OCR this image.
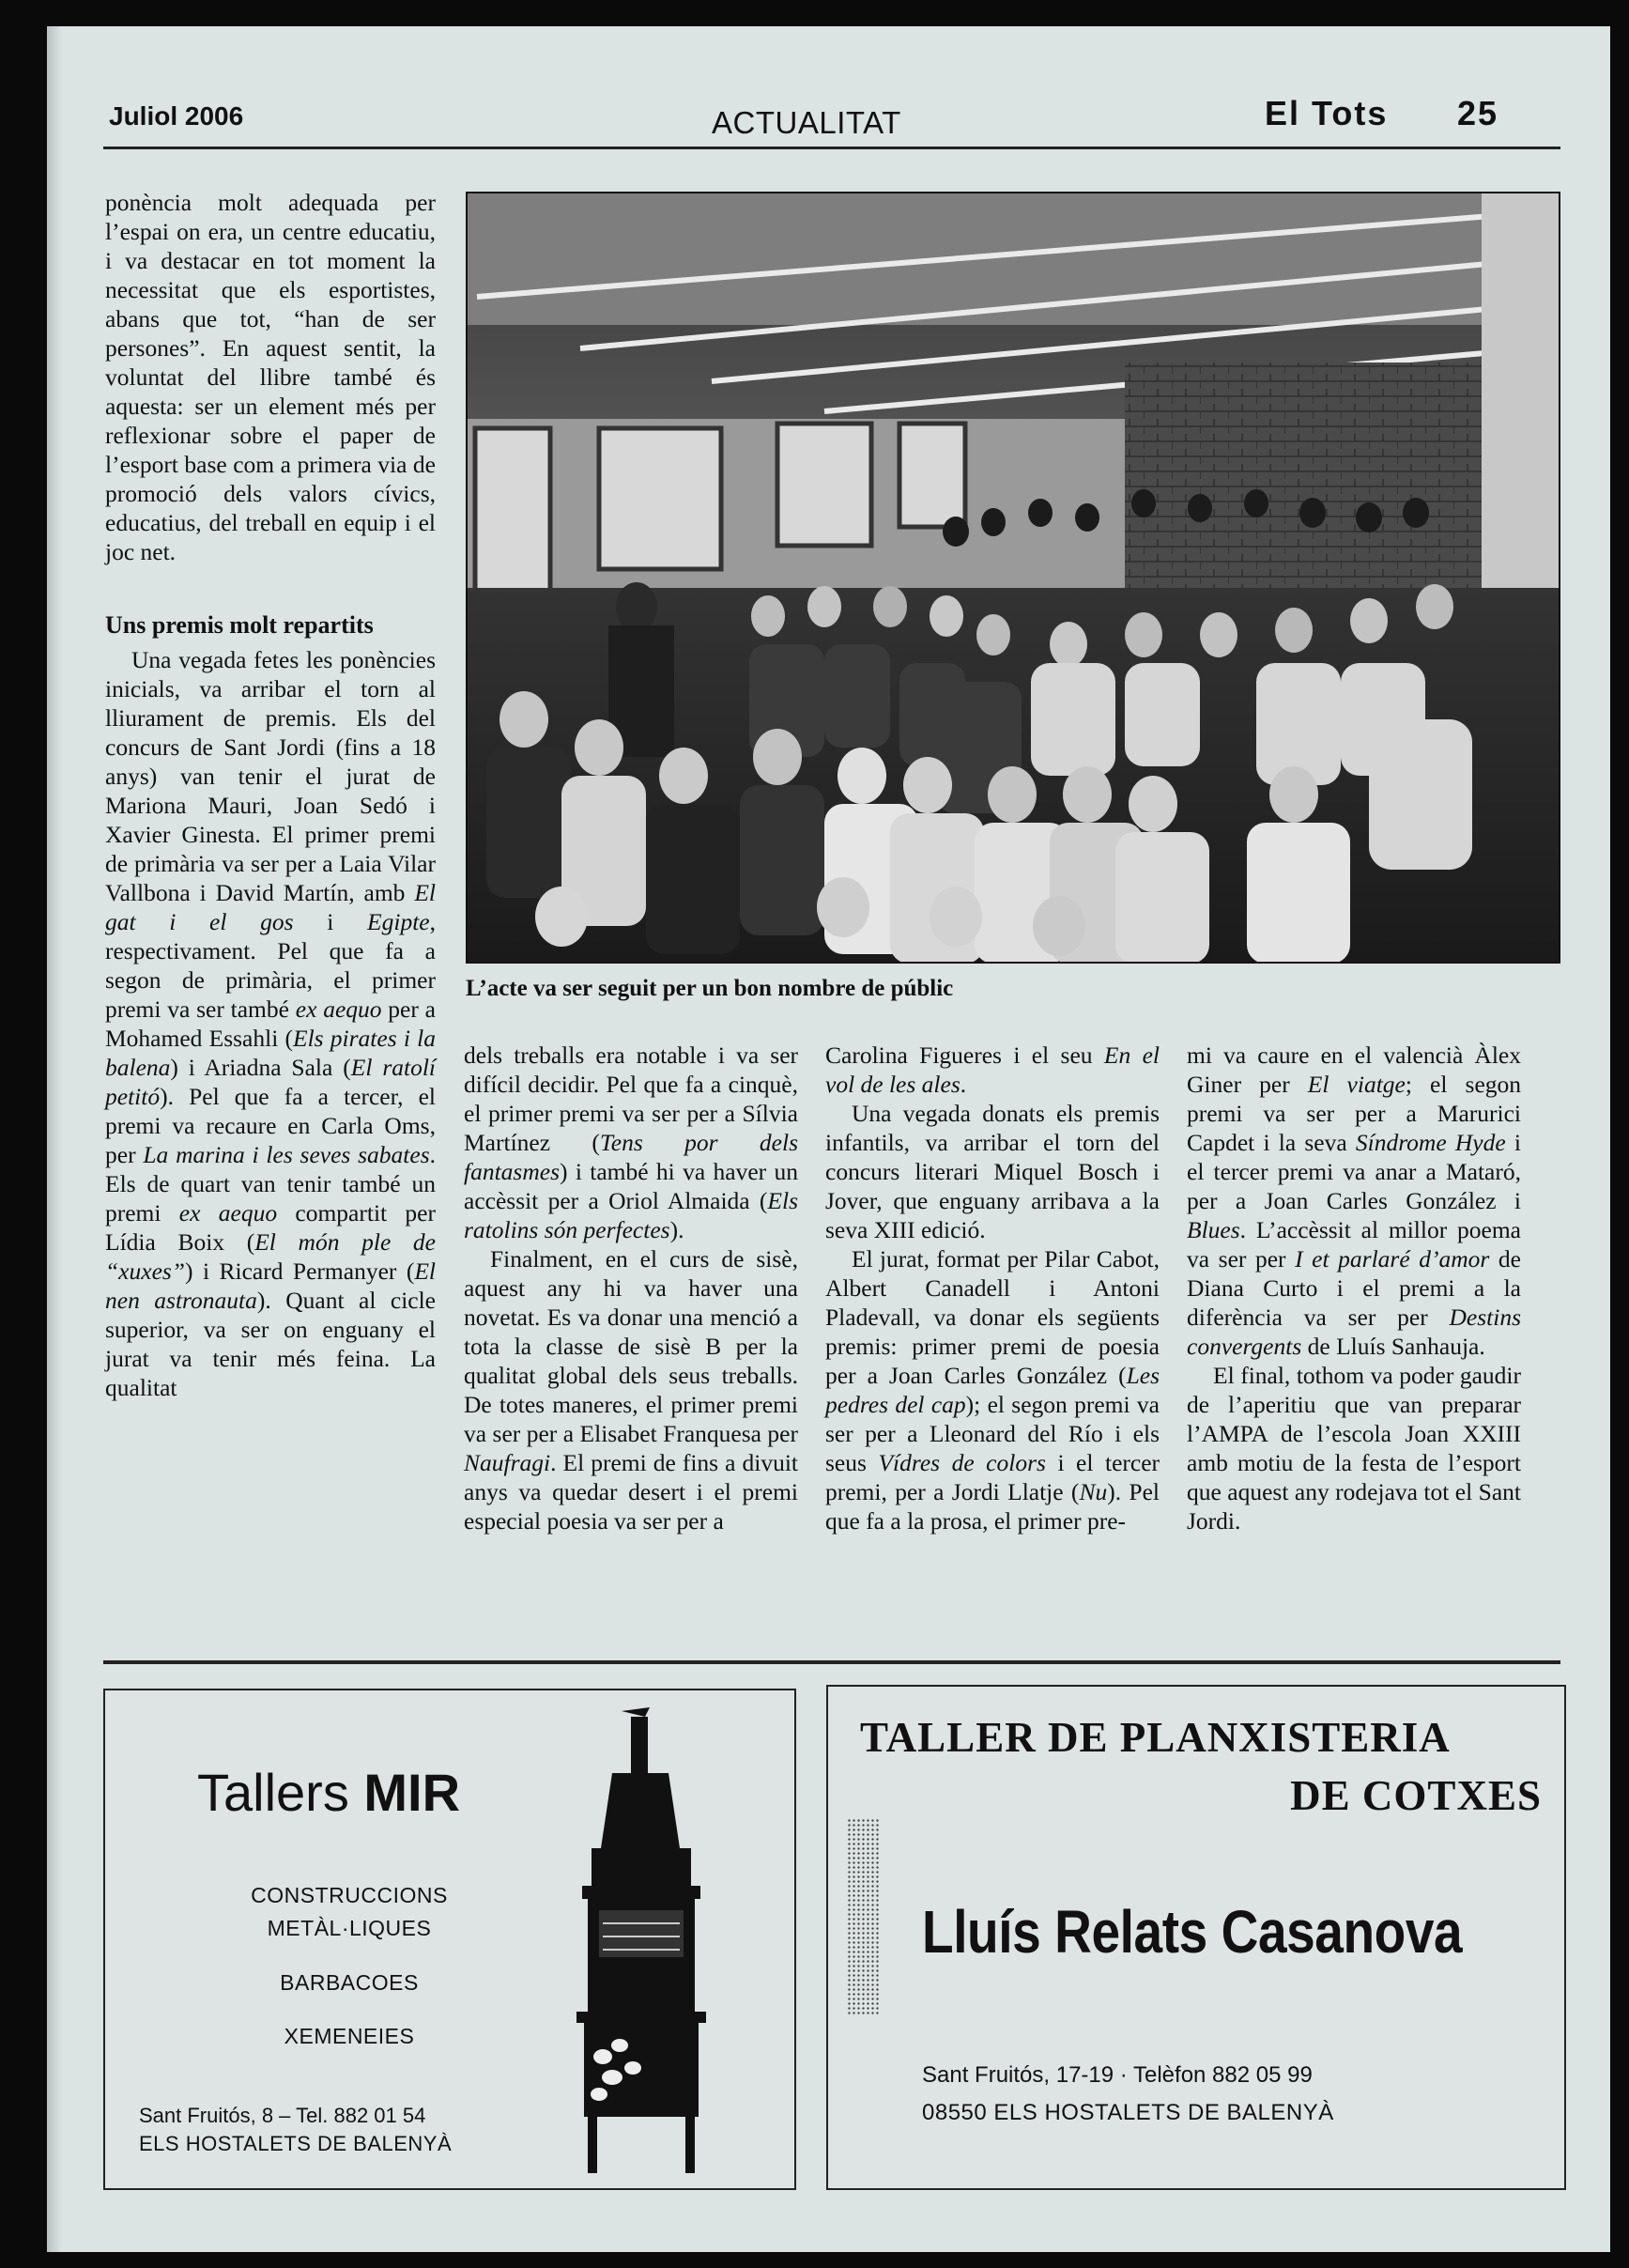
Juliol 2006	ACTUALITAT	El Tots 25

ponència molt adequada per l’espai on era, un centre educatiu, i va destacar en tot moment la necessitat que els esportistes, abans que tot, “han de ser persones”. En aquest sentit, la voluntat del llibre també és aquesta: ser un element més per reflexionar sobre el paper de l’esport base com a primera via de promoció dels valors cívics, educatius, del treball en equip i el joc net.

Uns premis molt repartits

Una vegada fetes les ponències inicials, va arribar el torn al lliurament de premis. Els del concurs de Sant Jordi (fins a 18 anys) van tenir el jurat de Mariona Mauri, Joan Sedó i Xavier Ginesta. El primer premi de primària va ser per a Laia Vilar Vallbona i David Martín, amb El gat i el gos i Egipte, respectivament. Pel que fa a segon de primària, el primer premi va ser també ex aequo per a Mohamed Essahli (Els pirates i la balena) i Ariadna Sala (El ratolí petitó). Pel que fa a tercer, el premi va recaure en Carla Oms, per La marina i les seves sabates. Els de quart van tenir també un premi ex aequo compartit per Lídia Boix (El món ple de “xuxes”) i Ricard Permanyer (El nen astronauta). Quant al cicle superior, va ser on enguany el jurat va tenir més feina. La qualitat

L’acte va ser seguit per un bon nombre de públic

dels treballs era notable i va ser difícil decidir. Pel que fa a cinquè, el primer premi va ser per a Sílvia Martínez (Tens por dels fantasmes) i també hi va haver un accèssit per a Oriol Almaida (Els ratolins són perfectes).

Finalment, en el curs de sisè, aquest any hi va haver una novetat. Es va donar una menció a tota la classe de sisè B per la qualitat global dels seus treballs. De totes maneres, el primer premi va ser per a Elisabet Franquesa per Naufragi. El premi de fins a divuit anys va quedar desert i el premi especial poesia va ser per a

Carolina Figueres i el seu En el vol de les ales.

Una vegada donats els premis infantils, va arribar el torn del concurs literari Miquel Bosch i Jover, que enguany arribava a la seva XIII edició.

El jurat, format per Pilar Cabot, Albert Canadell i Antoni Pladevall, va donar els següents premis: primer premi de poesia per a Joan Carles González (Les pedres del cap); el segon premi va ser per a Lleonard del Río i els seus Vídres de colors i el tercer premi, per a Jordi Llatje (Nu). Pel que fa a la prosa, el primer pre-

mi va caure en el valencià Àlex Giner per El viatge; el segon premi va ser per a Marurici Capdet i la seva Síndrome Hyde i el tercer premi va anar a Mataró, per a Joan Carles González i Blues. L’accèssit al millor poema va ser per I et parlaré d’amor de Diana Curto i el premi a la diferència va ser per Destins convergents de Lluís Sanhauja.

El final, tothom va poder gaudir de l’aperitiu que van preparar l’AMPA de l’escola Joan XXIII amb motiu de la festa de l’esport que aquest any rodejava tot el Sant Jordi.

Tallers MIR
CONSTRUCCIONS
METÀL·LIQUES
BARBACOES
XEMENEIES
Sant Fruitós, 8 – Tel. 882 01 54
ELS HOSTALETS DE BALENYÀ
TALLER DE PLANXISTERIA
DE COTXES
Lluís Relats Casanova
Sant Fruitós, 17-19 · Telèfon 882 05 99
08550 ELS HOSTALETS DE BALENYÀ
